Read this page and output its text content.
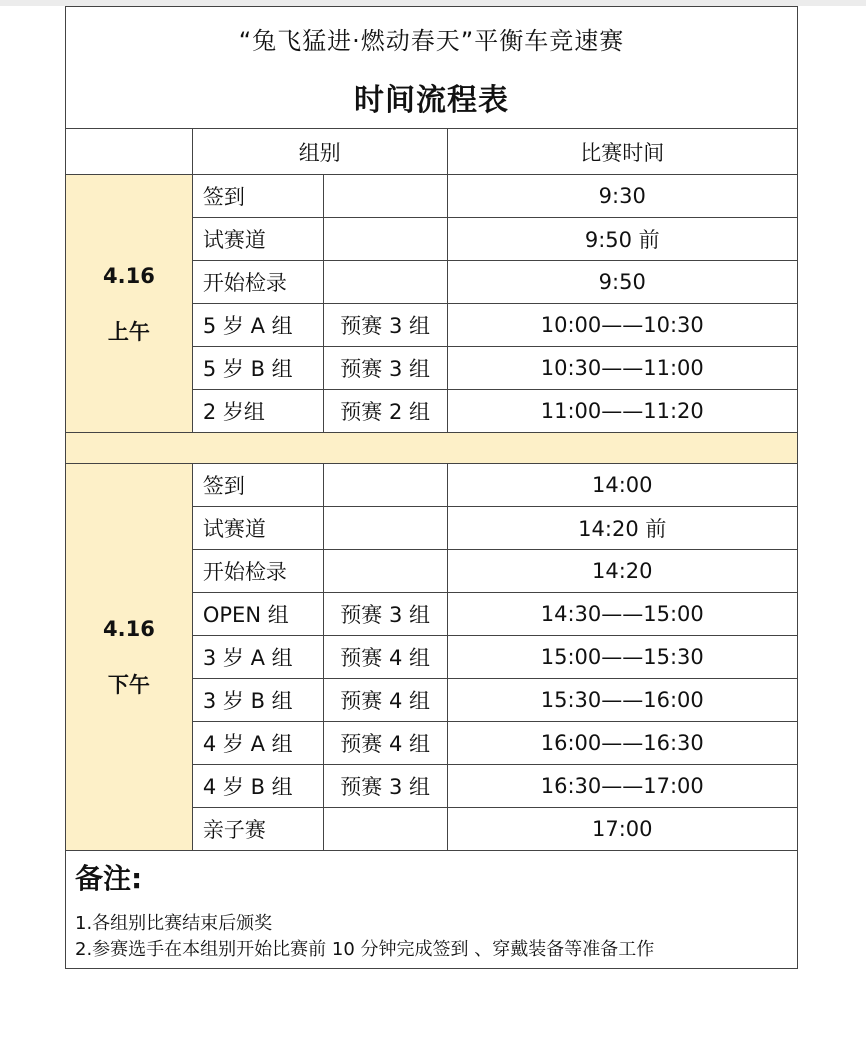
“兔飞猛进·燃动春天”平衡车竞速赛
时间流程表
	组别		比赛时间

4.16
上午	签到		9:30
	试赛道		9:50 前
	开始检录		9:50
	5 岁 A 组	预赛 3 组	10:00——10:30
	5 岁 B 组	预赛 3 组	10:30——11:00
	2 岁组	预赛 2 组	11:00——11:20

4.16
下午	签到		14:00
	试赛道		14:20 前
	开始检录		14:20
	OPEN 组	预赛 3 组	14:30——15:00
	3 岁 A 组	预赛 4 组	15:00——15:30
	3 岁 B 组	预赛 4 组	15:30——16:00
	4 岁 A 组	预赛 4 组	16:00——16:30
	4 岁 B 组	预赛 3 组	16:30——17:00
	亲子赛		17:00
备注:
1.各组别比赛结束后颁奖
2.参赛选手在本组别开始比赛前 10 分钟完成签到 、穿戴装备等准备工作
